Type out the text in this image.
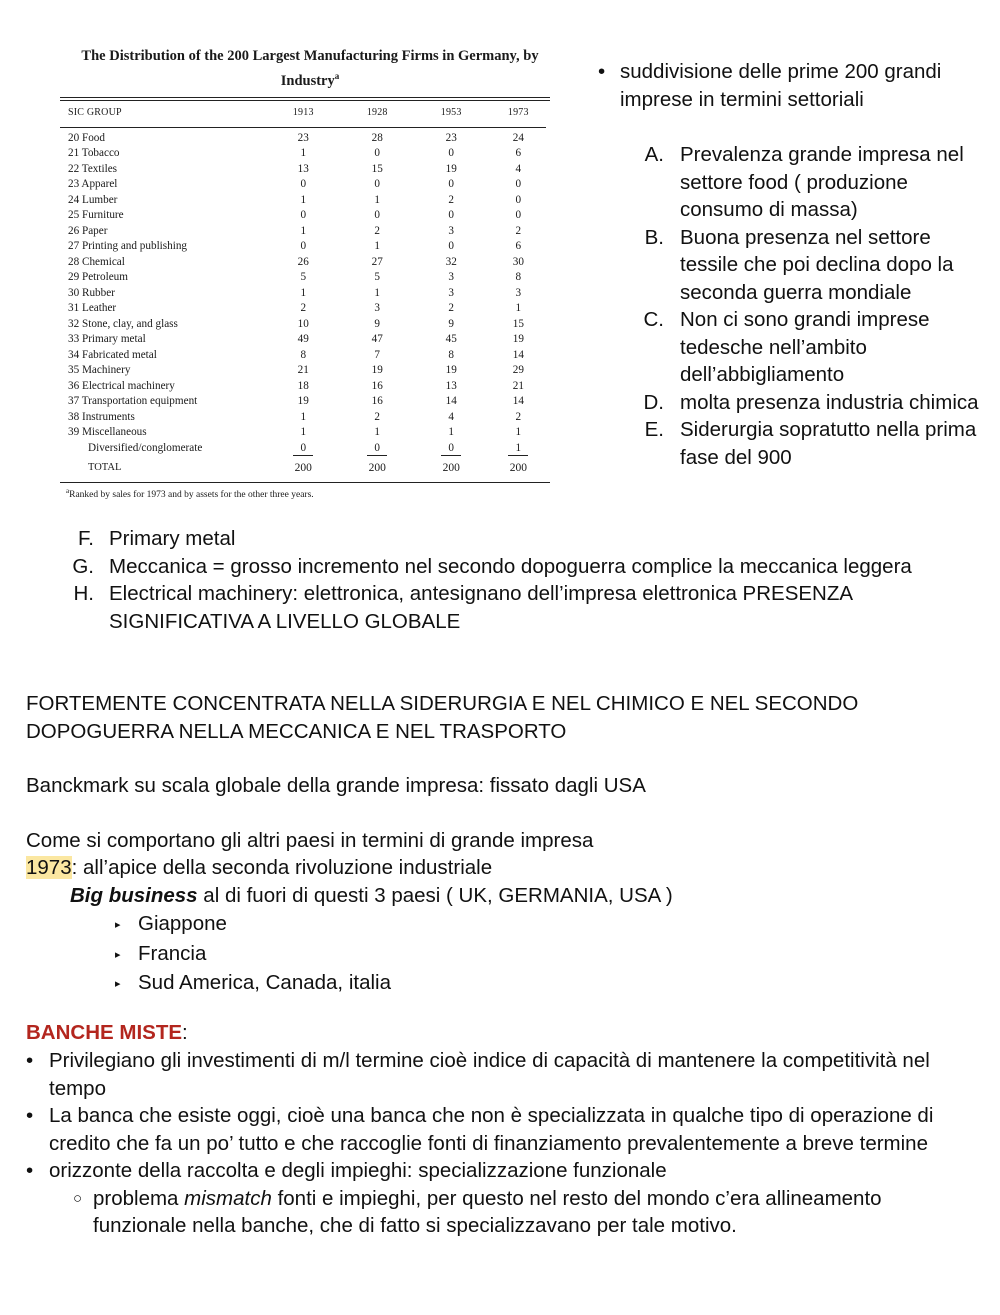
The Distribution of the 200 Largest Manufacturing Firms in Germany, by Industry$^a$
SIC GROUP	1913	1928	1953	1973

20 Food	23	28	23	24
21 Tobacco	1	0	0	6
22 Textiles	13	15	19	4
23 Apparel	0	0	0	0
24 Lumber	1	1	2	0
25 Furniture	0	0	0	0
26 Paper	1	2	3	2
27 Printing and publishing	0	1	0	6
28 Chemical	26	27	32	30
29 Petroleum	5	5	3	8
30 Rubber	1	1	3	3
31 Leather	2	3	2	1
32 Stone, clay, and glass	10	9	9	15
33 Primary metal	49	47	45	19
34 Fabricated metal	8	7	8	14
35 Machinery	21	19	19	29
36 Electrical machinery	18	16	13	21
37 Transportation equipment	19	16	14	14
38 Instruments	1	2	4	2
39 Miscellaneous	1	1	1	1
Diversified/conglomerate	0	0	0	1
TOTAL	200	200	200	200
$^a$Ranked by sales for 1973 and by assets for the other three years.
• suddivisione delle prime 200 grandi imprese in termini settoriali
A. Prevalenza grande impresa nel settore food ( produzione consumo di massa)
B. Buona presenza nel settore tessile che poi declina dopo la seconda guerra mondiale
C. Non ci sono grandi imprese tedesche nell’ambito dell’abbigliamento
D. molta presenza industria chimica
E. Siderurgia sopratutto nella prima fase del 900
F. Primary metal
G. Meccanica = grosso incremento nel secondo dopoguerra complice la meccanica leggera
H. Electrical machinery: elettronica, antesignano dell’impresa elettronica PRESENZA SIGNIFICATIVA A LIVELLO GLOBALE
FORTEMENTE CONCENTRATA NELLA SIDERURGIA E NEL CHIMICO E NEL SECONDO DOPOGUERRA NELLA MECCANICA E NEL TRASPORTO
Banckmark su scala globale della grande impresa: fissato dagli USA
Come si comportano gli altri paesi in termini di grande impresa
1973: all’apice della seconda rivoluzione industriale
Big business al di fuori di questi 3 paesi ( UK, GERMANIA, USA )
▸ Giappone
▸ Francia
▸ Sud America, Canada, italia
BANCHE MISTE:
• Privilegiano gli investimenti di m/l termine cioè indice di capacità di mantenere la competitività nel tempo
• La banca che esiste oggi, cioè una banca che non è specializzata in qualche tipo di operazione di credito che fa un po’ tutto e che raccoglie fonti di finanziamento prevalentemente a breve termine
• orizzonte della raccolta e degli impieghi: specializzazione funzionale
○ problema mismatch fonti e impieghi, per questo nel resto del mondo c’era allineamento funzionale nella banche, che di fatto si specializzavano per tale motivo.
